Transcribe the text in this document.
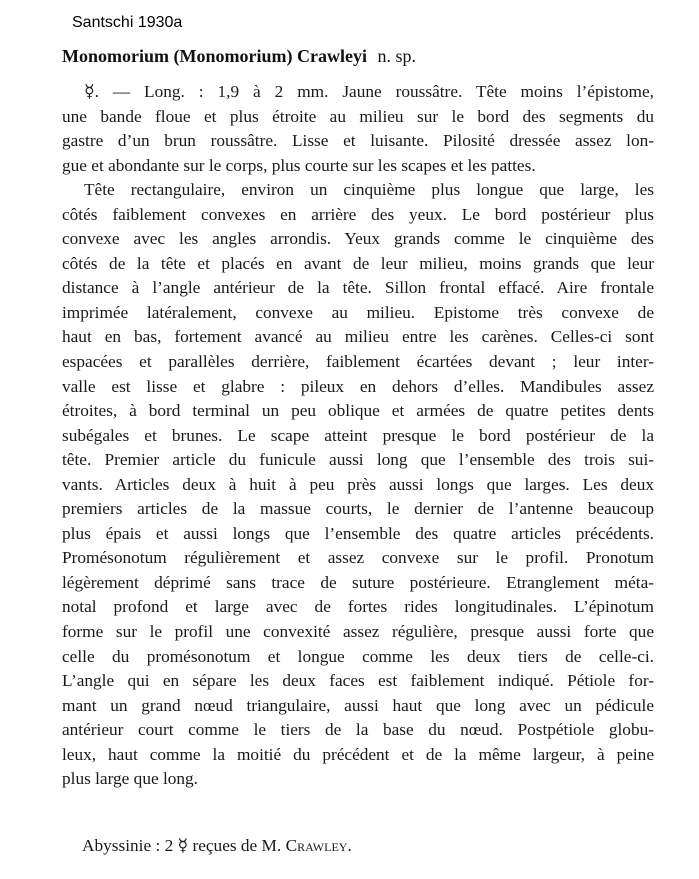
Santschi 1930a
Monomorium (Monomorium) Crawleyi n. sp.
☿. — Long. : 1,9 à 2 mm. Jaune roussâtre. Tête moins l’épistome,
une bande floue et plus étroite au milieu sur le bord des segments du
gastre d’un brun roussâtre. Lisse et luisante. Pilosité dressée assez lon-
gue et abondante sur le corps, plus courte sur les scapes et les pattes.
Tête rectangulaire, environ un cinquième plus longue que large, les
côtés faiblement convexes en arrière des yeux. Le bord postérieur plus
convexe avec les angles arrondis. Yeux grands comme le cinquième des
côtés de la tête et placés en avant de leur milieu, moins grands que leur
distance à l’angle antérieur de la tête. Sillon frontal effacé. Aire frontale
imprimée latéralement, convexe au milieu. Epistome très convexe de
haut en bas, fortement avancé au milieu entre les carènes. Celles-ci sont
espacées et parallèles derrière, faiblement écartées devant ; leur inter-
valle est lisse et glabre : pileux en dehors d’elles. Mandibules assez
étroites, à bord terminal un peu oblique et armées de quatre petites dents
subégales et brunes. Le scape atteint presque le bord postérieur de la
tête. Premier article du funicule aussi long que l’ensemble des trois sui-
vants. Articles deux à huit à peu près aussi longs que larges. Les deux
premiers articles de la massue courts, le dernier de l’antenne beaucoup
plus épais et aussi longs que l’ensemble des quatre articles précédents.
Promésonotum régulièrement et assez convexe sur le profil. Pronotum
légèrement déprimé sans trace de suture postérieure. Etranglement méta-
notal profond et large avec de fortes rides longitudinales. L’épinotum
forme sur le profil une convexité assez régulière, presque aussi forte que
celle du promésonotum et longue comme les deux tiers de celle-ci.
L’angle qui en sépare les deux faces est faiblement indiqué. Pétiole for-
mant un grand nœud triangulaire, aussi haut que long avec un pédicule
antérieur court comme le tiers de la base du nœud. Postpétiole globu-
leux, haut comme la moitié du précédent et de la même largeur, à peine
plus large que long.
Abyssinie : 2 ☿ reçues de M. Crawley.
